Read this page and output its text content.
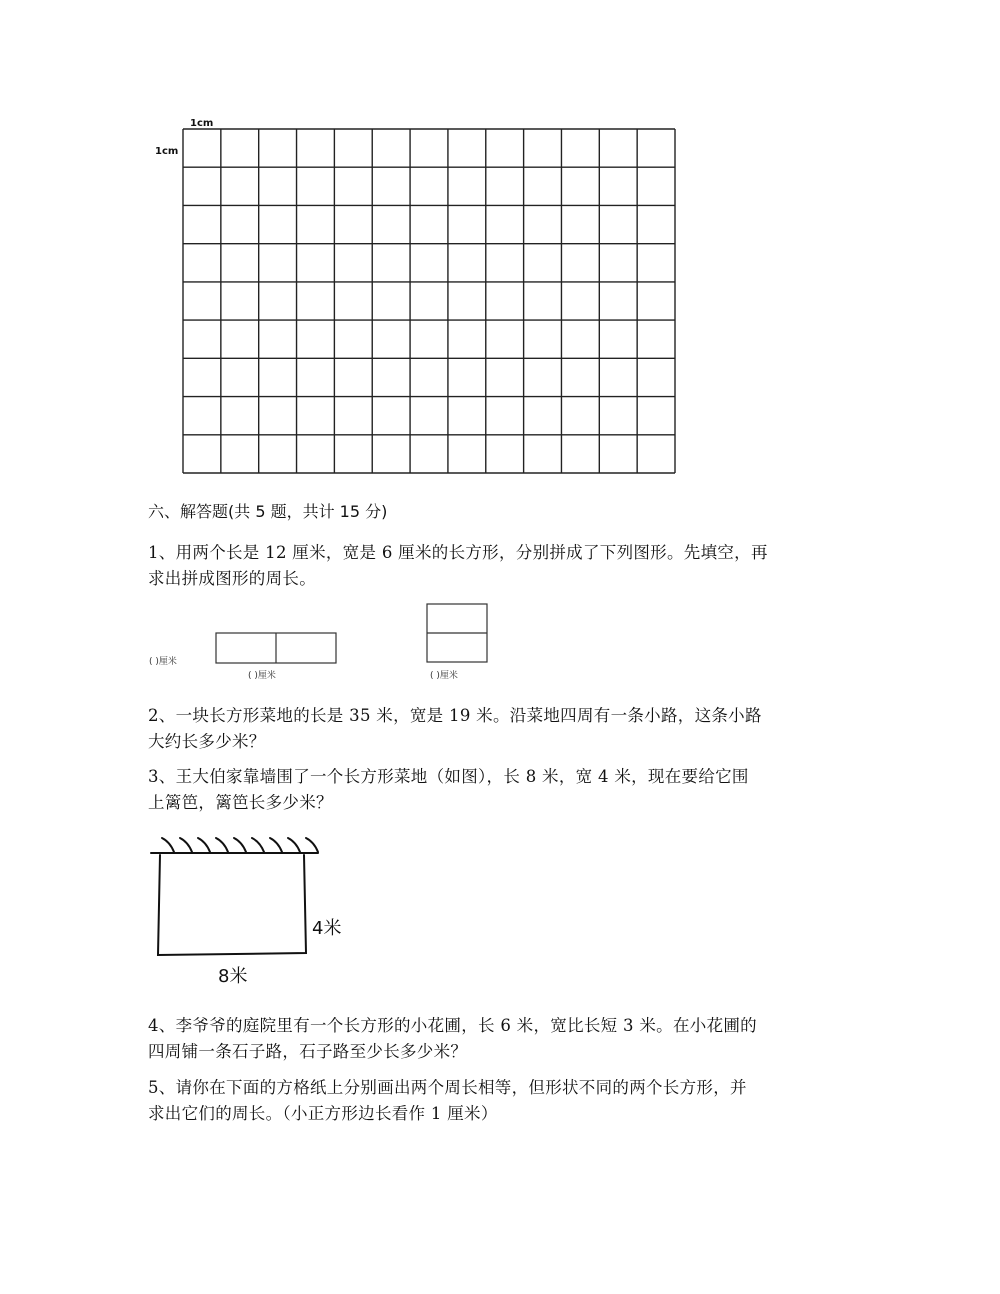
1cm
1cm
六、解答题(共 5 题，共计 15 分)
1、用两个长是 12 厘米，宽是 6 厘米的长方形，分别拼成了下列图形。先填空，再
求出拼成图形的周长。
( )厘米
( )厘米	( )厘米
2、一块长方形菜地的长是 35 米，宽是 19 米。沿菜地四周有一条小路，这条小路
大约长多少米？
3、王大伯家靠墙围了一个长方形菜地（如图），长 8 米，宽 4 米，现在要给它围
上篱笆，篱笆长多少米？
4米
8米
4、李爷爷的庭院里有一个长方形的小花圃，长 6 米，宽比长短 3 米。在小花圃的
四周铺一条石子路，石子路至少长多少米？
5、请你在下面的方格纸上分别画出两个周长相等，但形状不同的两个长方形，并
求出它们的周长。（小正方形边长看作 1 厘米）
